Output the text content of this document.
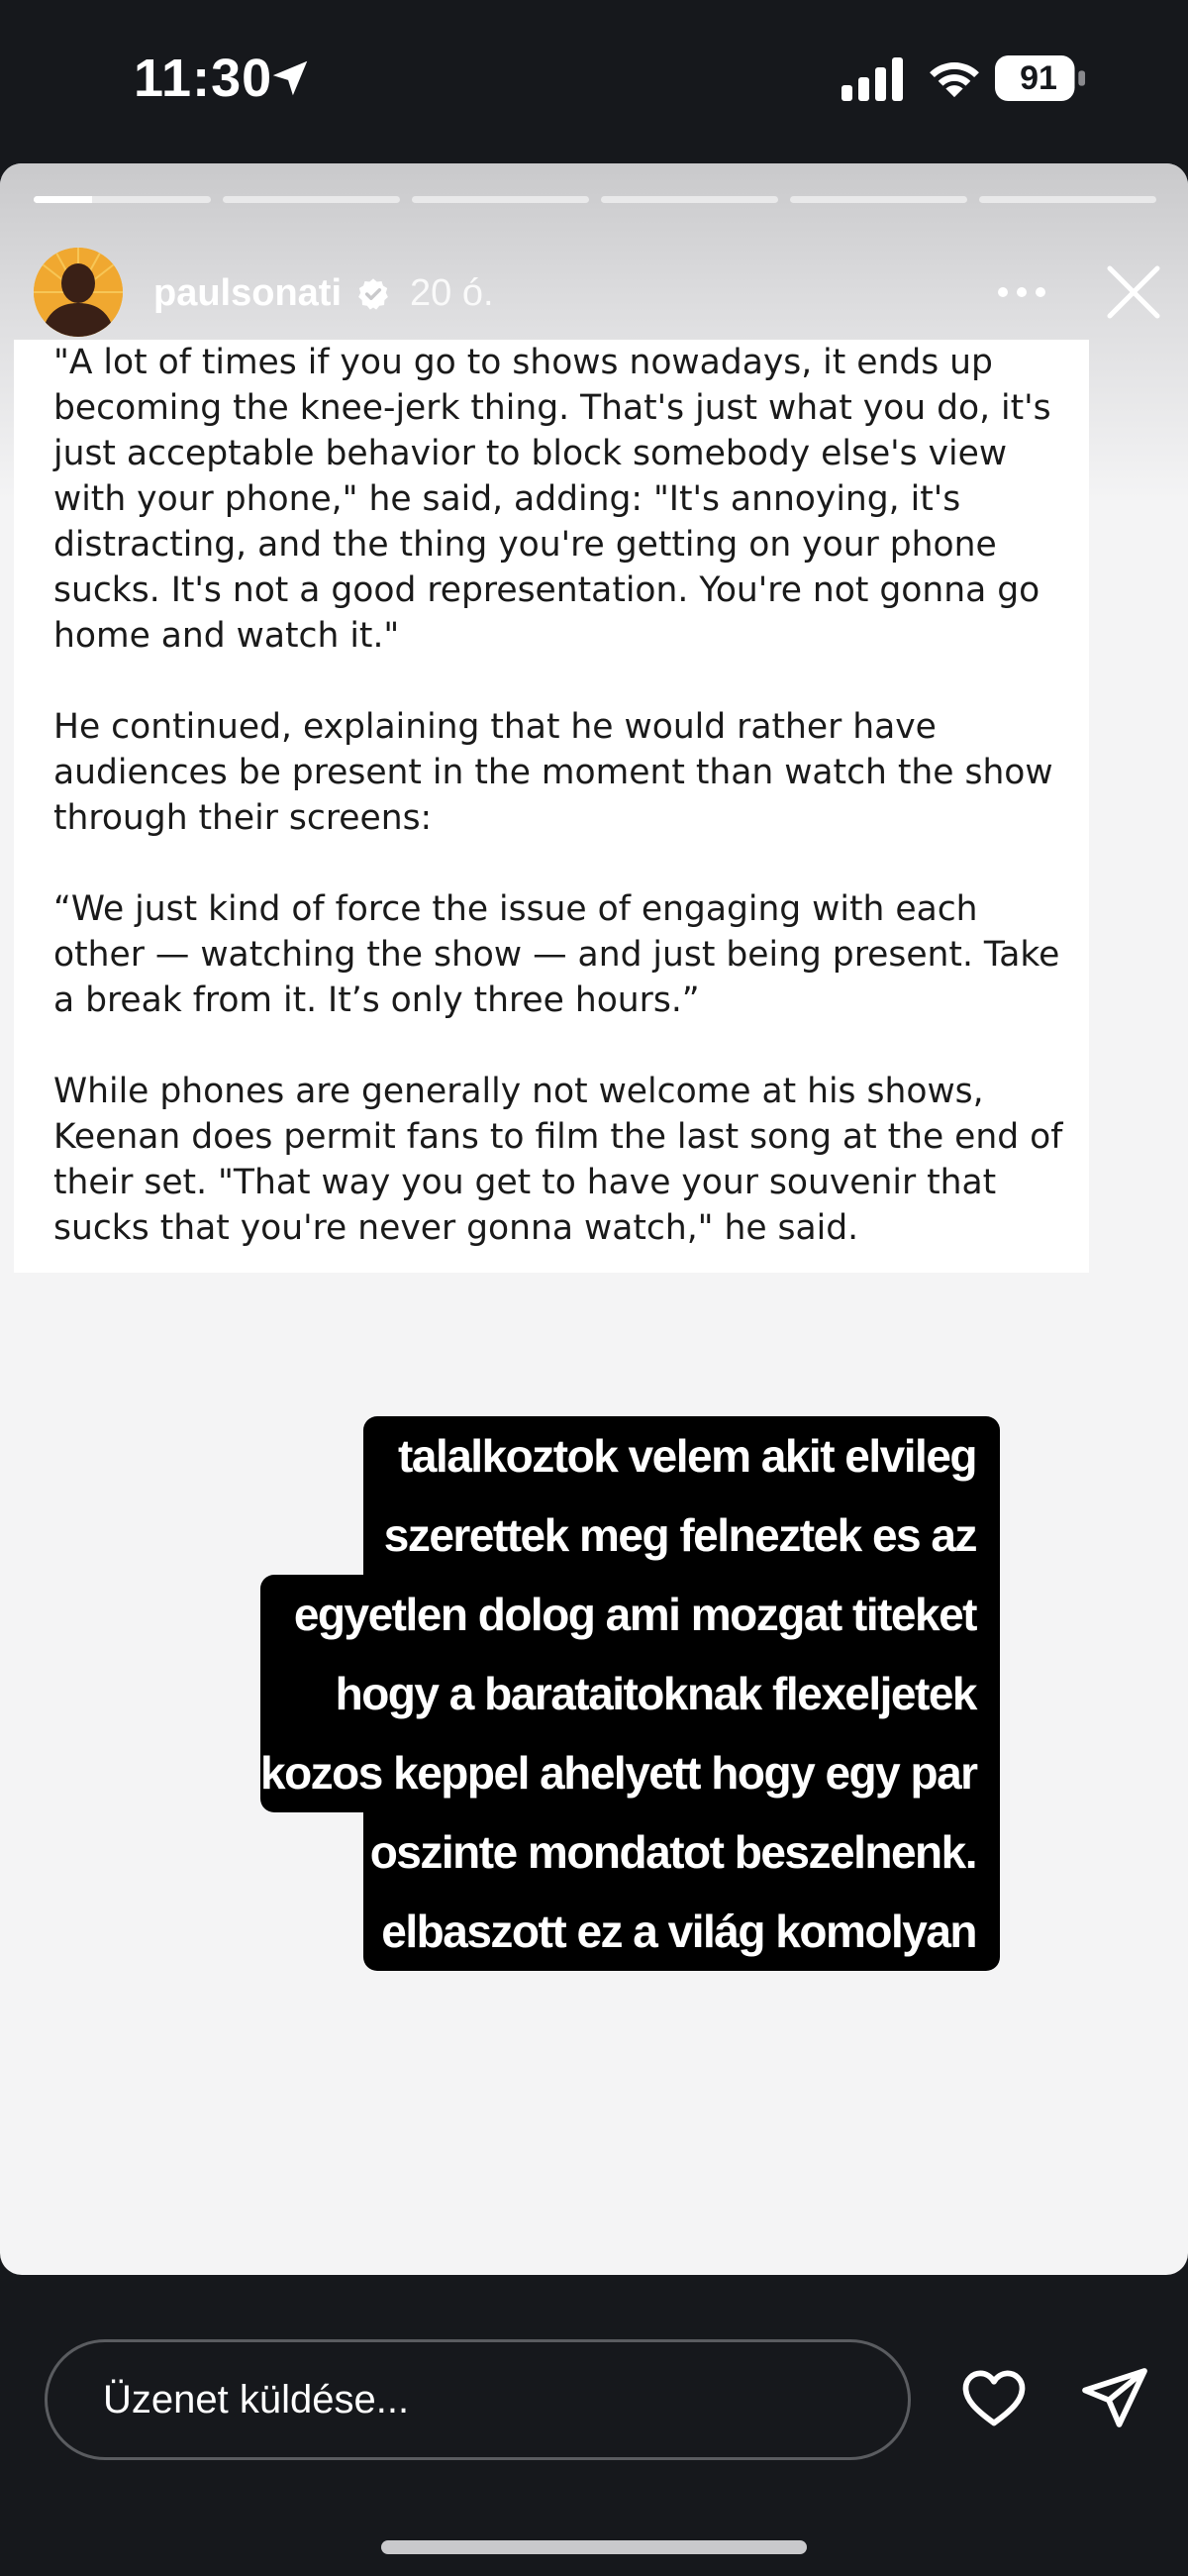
11:30	91
paulsonati 20 ó.

"A lot of times if you go to shows nowadays, it ends up
becoming the knee-jerk thing. That's just what you do, it's
just acceptable behavior to block somebody else's view
with your phone," he said, adding: "It's annoying, it's
distracting, and the thing you're getting on your phone
sucks. It's not a good representation. You're not gonna go
home and watch it."

He continued, explaining that he would rather have
audiences be present in the moment than watch the show
through their screens:

“We just kind of force the issue of engaging with each
other — watching the show — and just being present. Take
a break from it. It’s only three hours.”

While phones are generally not welcome at his shows,
Keenan does permit fans to film the last song at the end of
their set. "That way you get to have your souvenir that
sucks that you're never gonna watch," he said.

talalkoztok velem akit elvileg
szerettek meg felneztek es az
egyetlen dolog ami mozgat titeket
hogy a barataitoknak flexeljetek
kozos keppel ahelyett hogy egy par
oszinte mondatot beszelnenk.
elbaszott ez a világ komolyan
Üzenet küldése...
